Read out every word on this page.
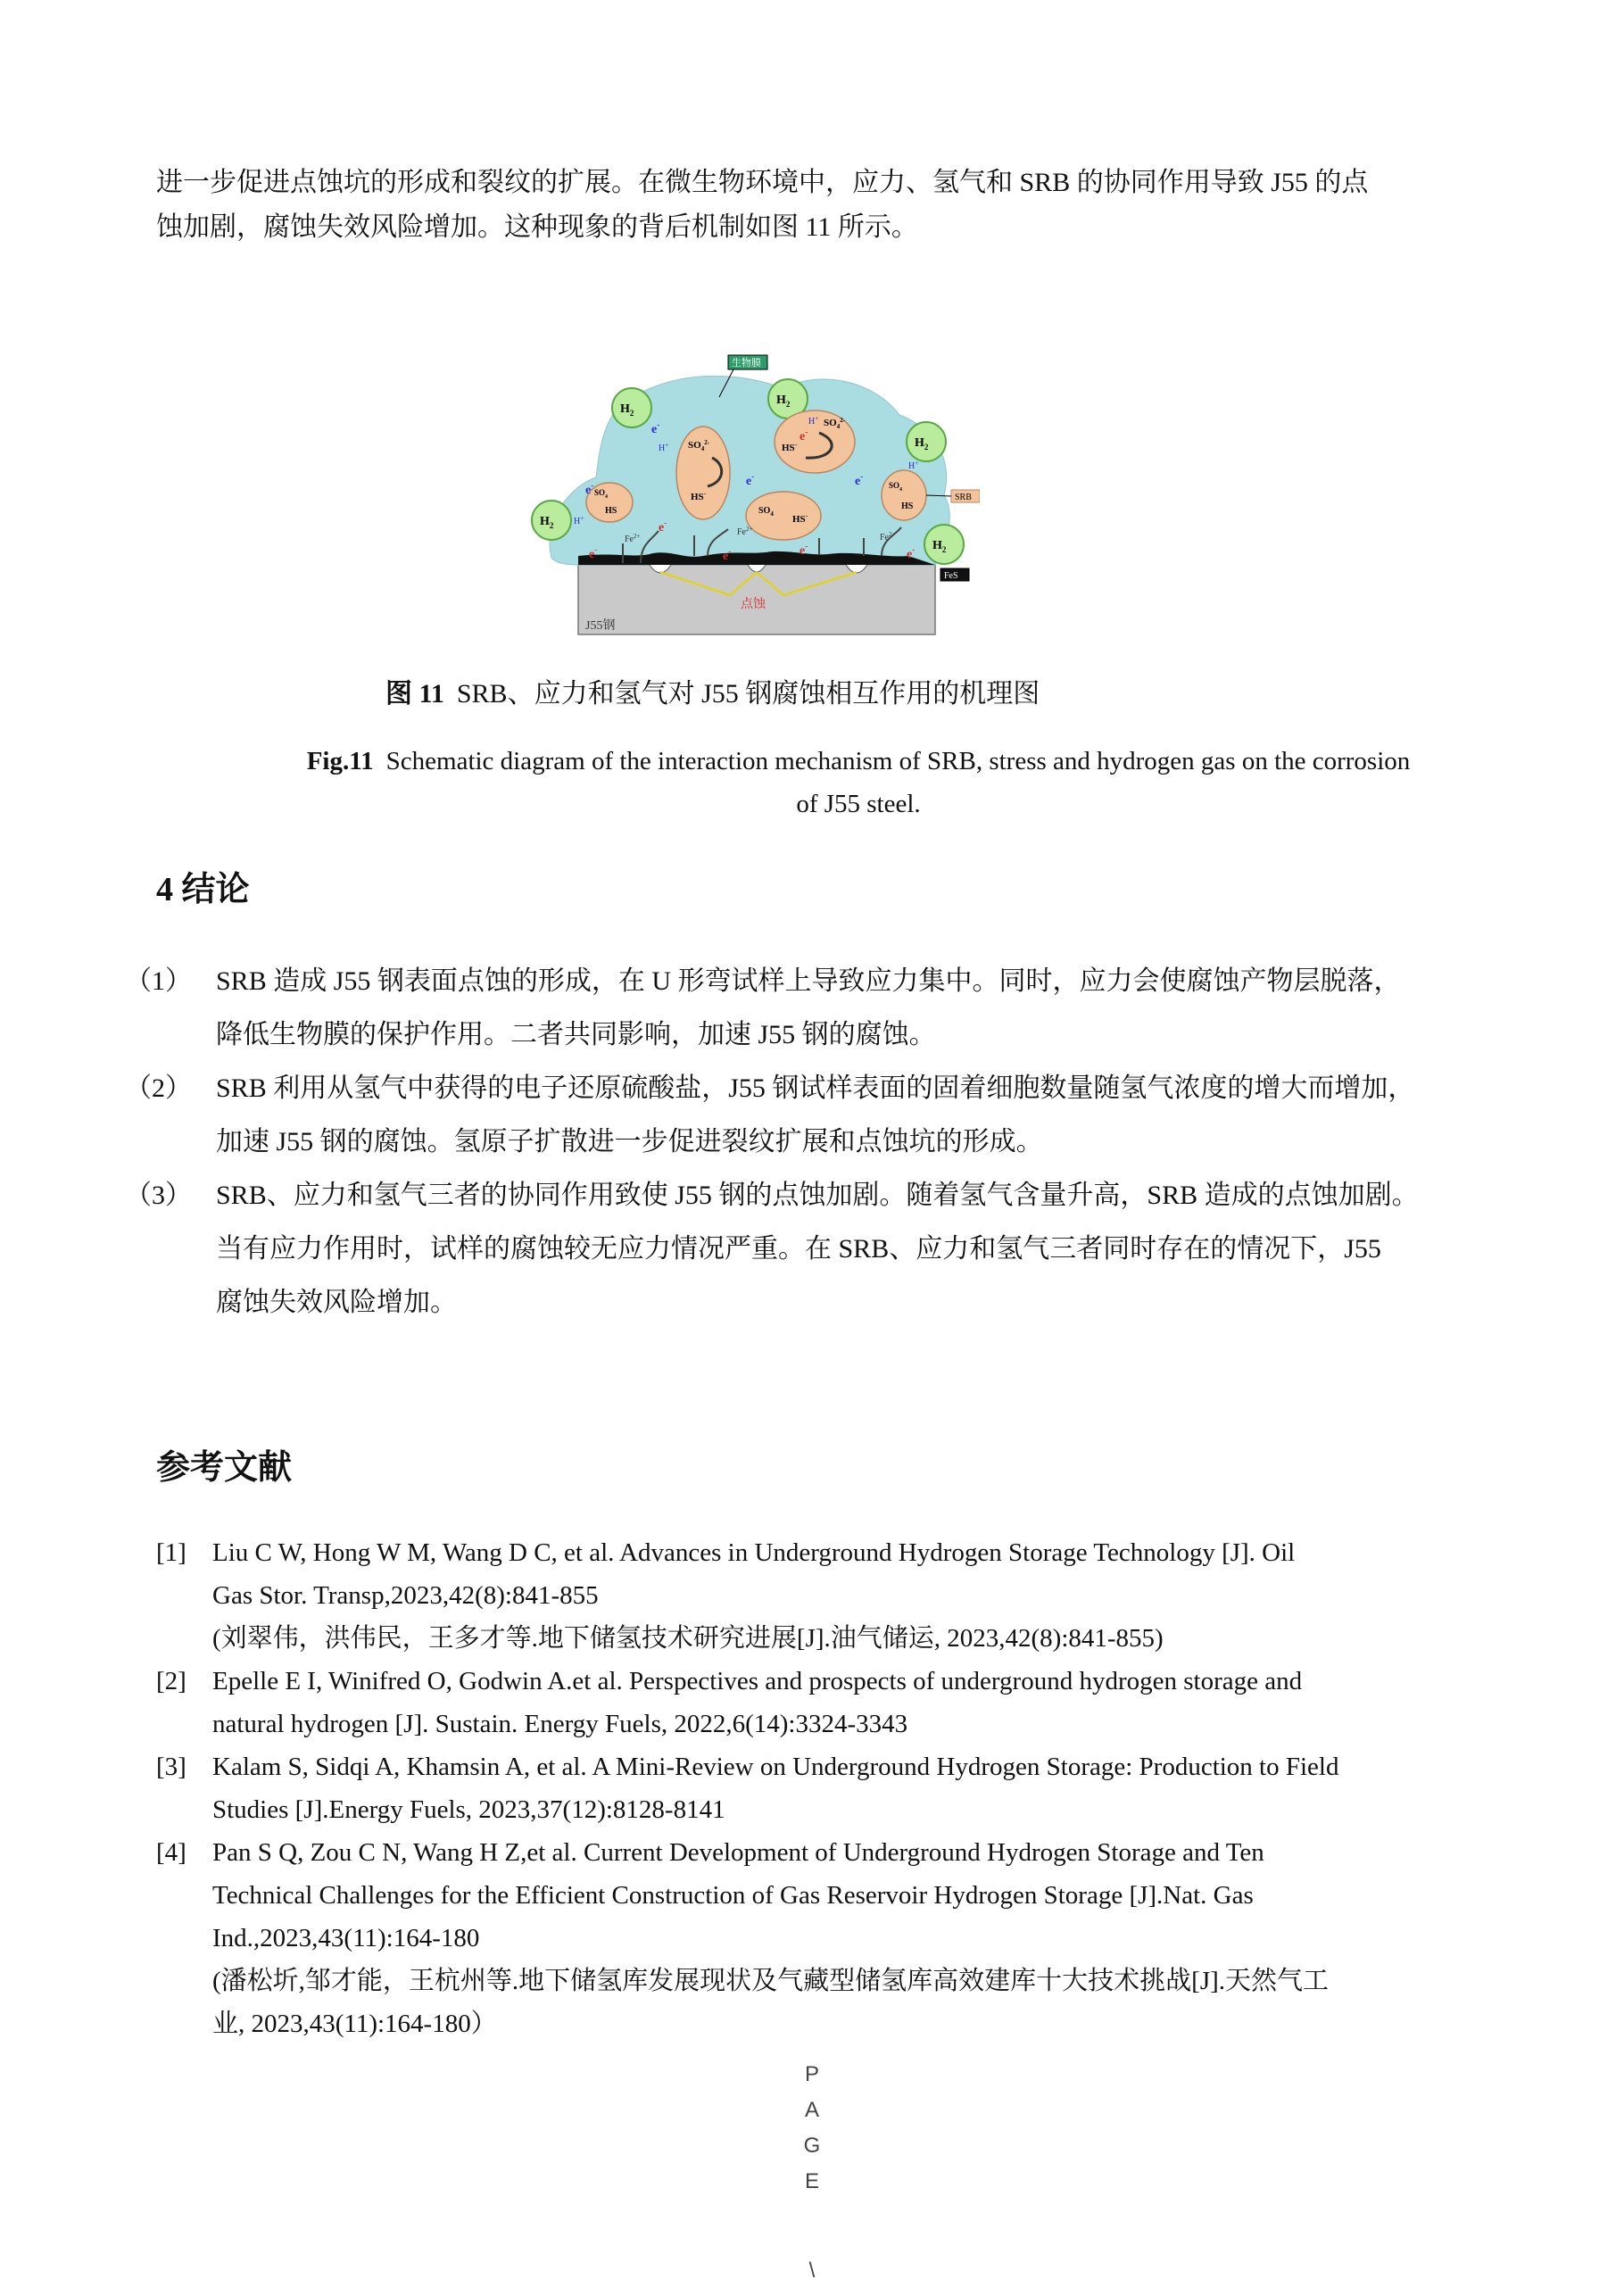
进一步促进点蚀坑的形成和裂纹的扩展。在微生物环境中，应力、氢气和 SRB 的协同作用导致 J55 的点
蚀加剧，腐蚀失效风险增加。这种现象的背后机制如图 11 所示。
J55钢
点蚀
生物膜
$H_2$
$H_2$
$H_2$
$H_2$
$H_2$
$SO_4^{2-}$
HS-
$SO_4^{2-}$
HS-
$SO_4$ HS-
$SO_4$
HS
$SO_4$
HS
SRB
FeS
e-
e-	e-	e-
e-
e-	e-	e-
e-
e-
H+
H+
H+
H+
$Fe^{2+}$	$Fe^{2+}$
$Fe^{2+}$
图 11 SRB、应力和氢气对 J55 钢腐蚀相互作用的机理图
Fig.11 Schematic diagram of the interaction mechanism of SRB, stress and hydrogen gas on the corrosion
of J55 steel.
4 结论
（1） SRB 造成 J55 钢表面点蚀的形成，在 U 形弯试样上导致应力集中。同时，应力会使腐蚀产物层脱落，
降低生物膜的保护作用。二者共同影响，加速 J55 钢的腐蚀。
（2） SRB 利用从氢气中获得的电子还原硫酸盐，J55 钢试样表面的固着细胞数量随氢气浓度的增大而增加，
加速 J55 钢的腐蚀。氢原子扩散进一步促进裂纹扩展和点蚀坑的形成。
（3） SRB、应力和氢气三者的协同作用致使 J55 钢的点蚀加剧。随着氢气含量升高，SRB 造成的点蚀加剧。
当有应力作用时，试样的腐蚀较无应力情况严重。在 SRB、应力和氢气三者同时存在的情况下，J55
腐蚀失效风险增加。
参考文献
[1] Liu C W, Hong W M, Wang D C, et al. Advances in Underground Hydrogen Storage Technology [J]. Oil
Gas Stor. Transp,2023,42(8):841-855
(刘翠伟，洪伟民，王多才等.地下储氢技术研究进展[J].油气储运, 2023,42(8):841-855)
[2] Epelle E I, Winifred O, Godwin A.et al. Perspectives and prospects of underground hydrogen storage and
natural hydrogen [J]. Sustain. Energy Fuels, 2022,6(14):3324-3343
[3] Kalam S, Sidqi A, Khamsin A, et al. A Mini-Review on Underground Hydrogen Storage: Production to Field
Studies [J].Energy Fuels, 2023,37(12):8128-8141
[4] Pan S Q, Zou C N, Wang H Z,et al. Current Development of Underground Hydrogen Storage and Ten
Technical Challenges for the Efficient Construction of Gas Reservoir Hydrogen Storage [J].Nat. Gas
Ind.,2023,43(11):164-180
(潘松圻,邹才能，王杭州等.地下储氢库发展现状及气藏型储氢库高效建库十大技术挑战[J].天然气工
业, 2023,43(11):164-180）
P
A
G
E
\
